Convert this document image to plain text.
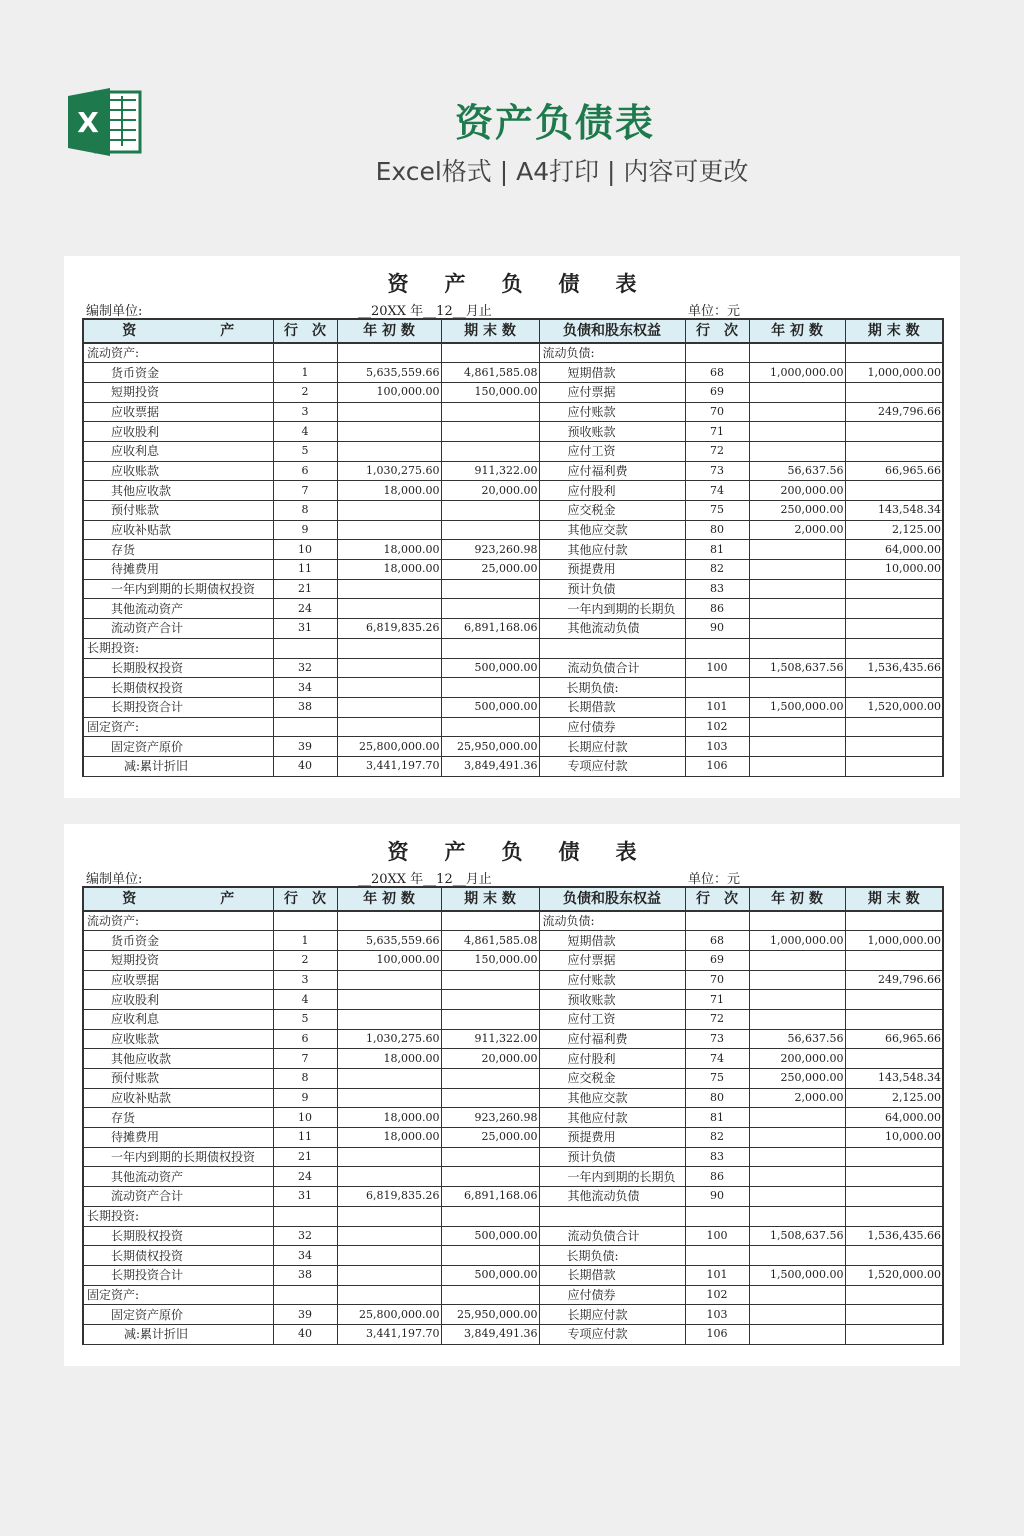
X	资产负债表
Excel格式 | A4打印 | 内容可更改
资产负债表
编制单位:	__20XX 年__12__月止	单位：元
资　　　　　　产	行　次	年 初 数	期 末 数	负债和股东权益	行　次	年 初 数	期 末 数
流动资产:				流动负债:			
货币资金	1	5,635,559.66	4,861,585.08	短期借款	68	1,000,000.00	1,000,000.00
短期投资	2	100,000.00	150,000.00	应付票据	69		
应收票据	3			应付账款	70		249,796.66
应收股利	4			预收账款	71		
应收利息	5			应付工资	72		
应收账款	6	1,030,275.60	911,322.00	应付福利费	73	56,637.56	66,965.66
其他应收款	7	18,000.00	20,000.00	应付股利	74	200,000.00	
预付账款	8			应交税金	75	250,000.00	143,548.34
应收补贴款	9			其他应交款	80	2,000.00	2,125.00
存货	10	18,000.00	923,260.98	其他应付款	81		64,000.00
待摊费用	11	18,000.00	25,000.00	预提费用	82		10,000.00
一年内到期的长期债权投资	21			预计负债	83		
其他流动资产	24			一年内到期的长期负	86		
流动资产合计	31	6,819,835.26	6,891,168.06	其他流动负债	90		
长期投资:							
长期股权投资	32		500,000.00	流动负债合计	100	1,508,637.56	1,536,435.66
长期债权投资	34			长期负债:			
长期投资合计	38		500,000.00	长期借款	101	1,500,000.00	1,520,000.00
固定资产:				应付债券	102		
固定资产原价	39	25,800,000.00	25,950,000.00	长期应付款	103		
减:累计折旧	40	3,441,197.70	3,849,491.36	专项应付款	106		
资产负债表
编制单位:	__20XX 年__12__月止	单位：元
资　　　　　　产	行　次	年 初 数	期 末 数	负债和股东权益	行　次	年 初 数	期 末 数
流动资产:				流动负债:			
货币资金	1	5,635,559.66	4,861,585.08	短期借款	68	1,000,000.00	1,000,000.00
短期投资	2	100,000.00	150,000.00	应付票据	69		
应收票据	3			应付账款	70		249,796.66
应收股利	4			预收账款	71		
应收利息	5			应付工资	72		
应收账款	6	1,030,275.60	911,322.00	应付福利费	73	56,637.56	66,965.66
其他应收款	7	18,000.00	20,000.00	应付股利	74	200,000.00	
预付账款	8			应交税金	75	250,000.00	143,548.34
应收补贴款	9			其他应交款	80	2,000.00	2,125.00
存货	10	18,000.00	923,260.98	其他应付款	81		64,000.00
待摊费用	11	18,000.00	25,000.00	预提费用	82		10,000.00
一年内到期的长期债权投资	21			预计负债	83		
其他流动资产	24			一年内到期的长期负	86		
流动资产合计	31	6,819,835.26	6,891,168.06	其他流动负债	90		
长期投资:							
长期股权投资	32		500,000.00	流动负债合计	100	1,508,637.56	1,536,435.66
长期债权投资	34			长期负债:			
长期投资合计	38		500,000.00	长期借款	101	1,500,000.00	1,520,000.00
固定资产:				应付债券	102		
固定资产原价	39	25,800,000.00	25,950,000.00	长期应付款	103		
减:累计折旧	40	3,441,197.70	3,849,491.36	专项应付款	106		
